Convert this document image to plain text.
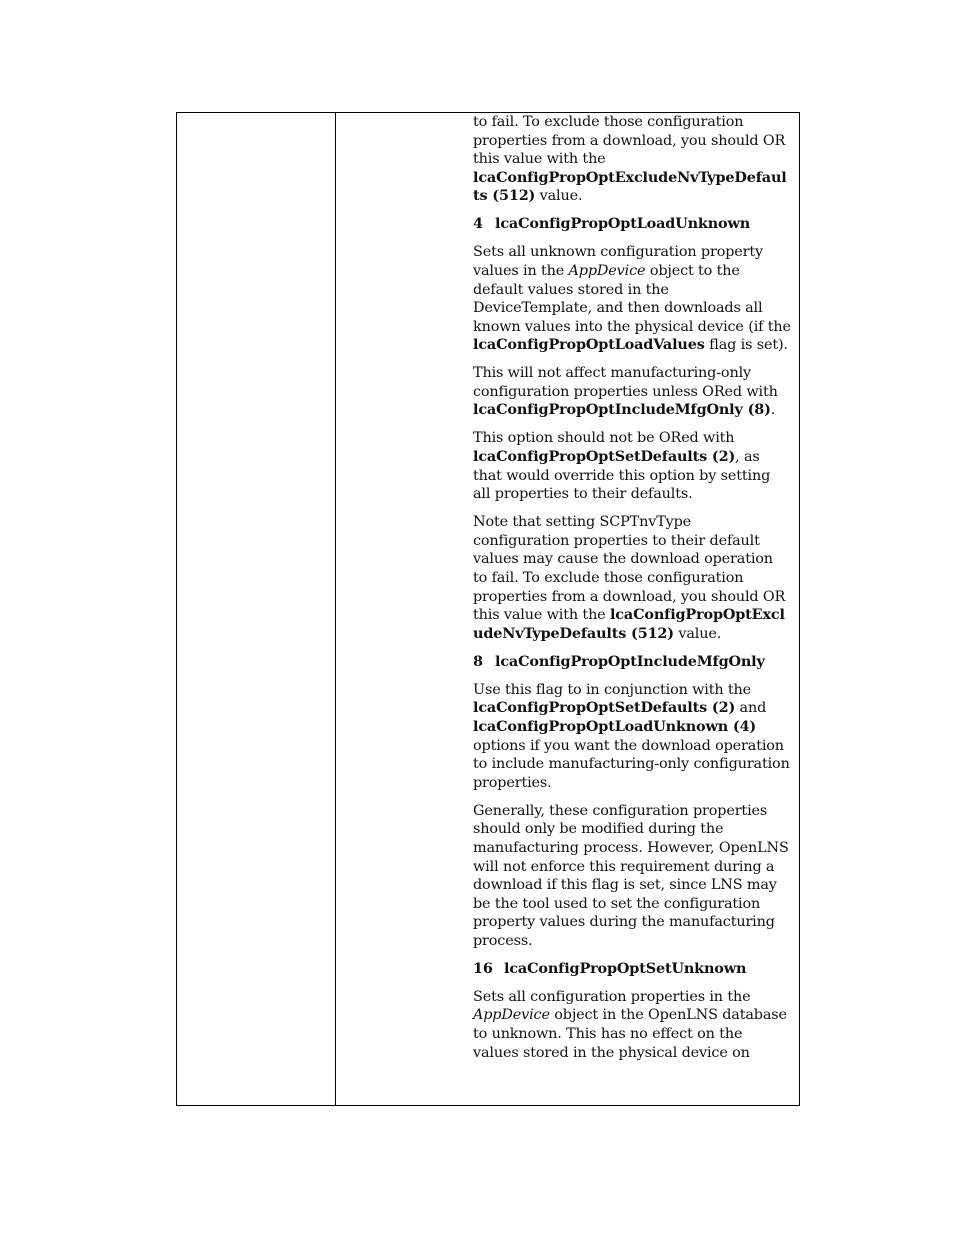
to fail. To exclude those configuration properties from a download, you should OR this value with the
lcaConfigPropOptExcludeNvTypeDefaults (512) value.

4 lcaConfigPropOptLoadUnknown

Sets all unknown configuration property values in the AppDevice object to the default values stored in the DeviceTemplate, and then downloads all known values into the physical device (if the lcaConfigPropOptLoadValues flag is set).

This will not affect manufacturing-only configuration properties unless ORed with lcaConfigPropOptIncludeMfgOnly (8).

This option should not be ORed with lcaConfigPropOptSetDefaults (2), as that would override this option by setting all properties to their defaults.

Note that setting SCPTnvType configuration properties to their default values may cause the download operation to fail. To exclude those configuration properties from a download, you should OR this value with the lcaConfigPropOptExcludeNvTypeDefaults (512) value.

8 lcaConfigPropOptIncludeMfgOnly

Use this flag to in conjunction with the lcaConfigPropOptSetDefaults (2) and lcaConfigPropOptLoadUnknown (4) options if you want the download operation to include manufacturing-only configuration properties.

Generally, these configuration properties should only be modified during the manufacturing process. However, OpenLNS will not enforce this requirement during a download if this flag is set, since LNS may be the tool used to set the configuration property values during the manufacturing process.

16 lcaConfigPropOptSetUnknown

Sets all configuration properties in the AppDevice object in the OpenLNS database to unknown. This has no effect on the values stored in the physical device on
